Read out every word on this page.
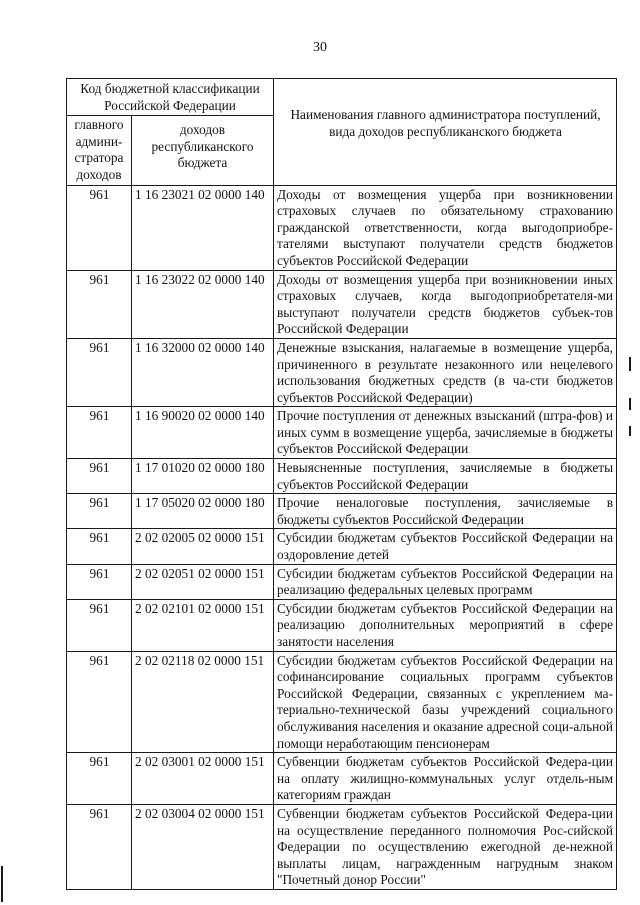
30
Код бюджетной классификации Российской Федерации		Наименования главного администратора поступлений, вида доходов республиканского бюджета
главного админи-стратора доходов	доходов республиканского бюджета	
961	1 16 23021 02 0000 140	Доходы от возмещения ущерба при возникновении страховых случаев по обязательному страхованию гражданской ответственности, когда выгодоприобре-тателями выступают получатели средств бюджетов субъектов Российской Федерации
961	1 16 23022 02 0000 140	Доходы от возмещения ущерба при возникновении иных страховых случаев, когда выгодоприобретателя-ми выступают получатели средств бюджетов субъек-тов Российской Федерации
961	1 16 32000 02 0000 140	Денежные взыскания, налагаемые в возмещение ущерба, причиненного в результате незаконного или нецелевого использования бюджетных средств (в ча-сти бюджетов субъектов Российской Федерации)
961	1 16 90020 02 0000 140	Прочие поступления от денежных взысканий (штра-фов) и иных сумм в возмещение ущерба, зачисляемые в бюджеты субъектов Российской Федерации
961	1 17 01020 02 0000 180	Невыясненные поступления, зачисляемые в бюджеты субъектов Российской Федерации
961	1 17 05020 02 0000 180	Прочие неналоговые поступления, зачисляемые в бюджеты субъектов Российской Федерации
961	2 02 02005 02 0000 151	Субсидии бюджетам субъектов Российской Федерации на оздоровление детей
961	2 02 02051 02 0000 151	Субсидии бюджетам субъектов Российской Федерации на реализацию федеральных целевых программ
961	2 02 02101 02 0000 151	Субсидии бюджетам субъектов Российской Федерации на реализацию дополнительных мероприятий в сфере занятости населения
961	2 02 02118 02 0000 151	Субсидии бюджетам субъектов Российской Федерации на софинансирование социальных программ субъектов Российской Федерации, связанных с укреплением ма-териально-технической базы учреждений социального обслуживания населения и оказание адресной соци-альной помощи неработающим пенсионерам
961	2 02 03001 02 0000 151	Субвенции бюджетам субъектов Российской Федера-ции на оплату жилищно-коммунальных услуг отдель-ным категориям граждан
961	2 02 03004 02 0000 151	Субвенции бюджетам субъектов Российской Федера-ции на осуществление переданного полномочия Рос-сийской Федерации по осуществлению ежегодной де-нежной выплаты лицам, награжденным нагрудным знаком "Почетный донор России"
